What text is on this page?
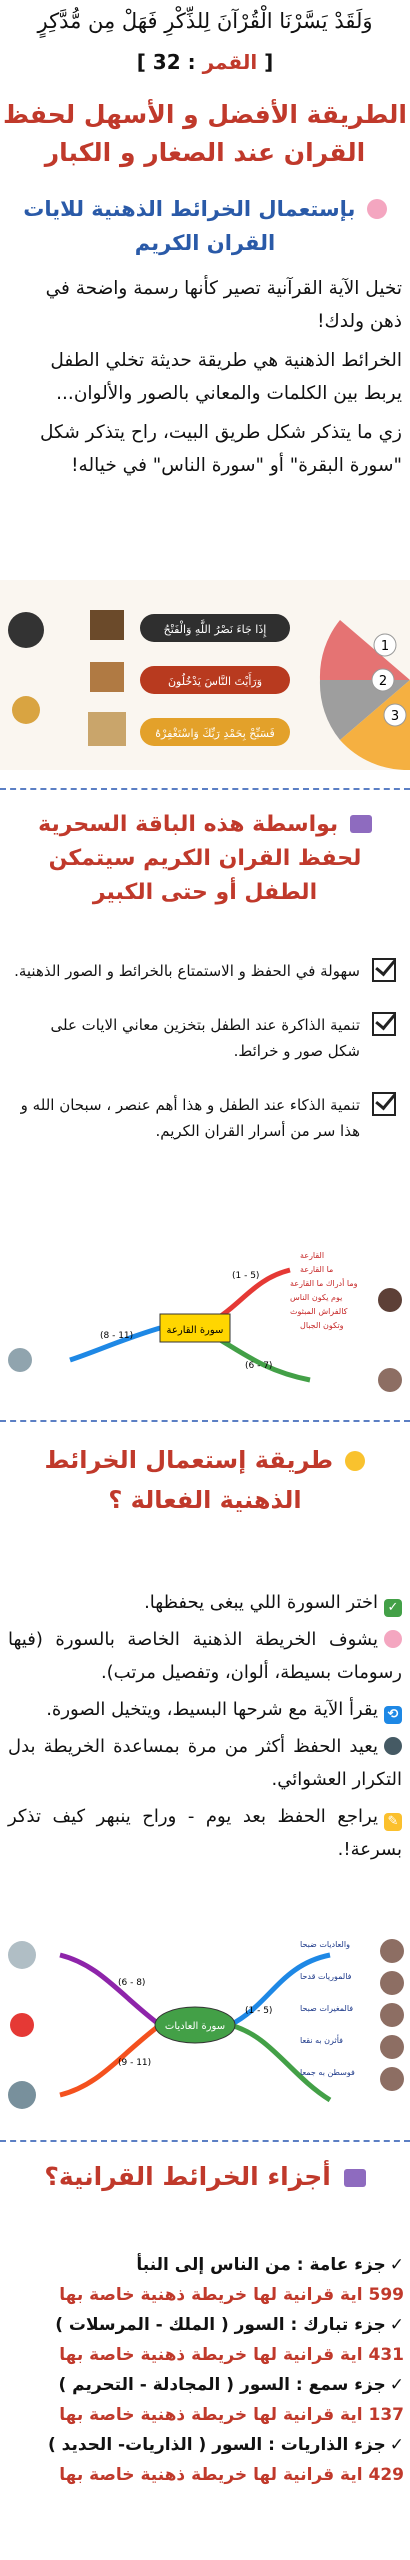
وَلَقَدْ يَسَّرْنَا الْقُرْآنَ لِلذِّكْرِ فَهَلْ مِن مُّدَّكِرٍ
[ القمر : 32 ]
الطريقة الأفضل و الأسهل لحفظ القران عند الصغار و الكبار
بإستعمال الخرائط الذهنية للايات القران الكريم

تخيل الآية القرآنية تصير كأنها رسمة واضحة في ذهن ولدك!

الخرائط الذهنية هي طريقة حديثة تخلي الطفل يربط بين الكلمات والمعاني بالصور والألوان...

زي ما يتذكر شكل طريق البيت، راح يتذكر شكل "سورة البقرة" أو "سورة الناس" في خياله!

إِذَا جَاءَ نَصْرُ اللَّهِ وَالْفَتْحُ
وَرَأَيْتَ النَّاسَ يَدْخُلُونَ
فَسَبِّحْ بِحَمْدِ رَبِّكَ وَاسْتَغْفِرْهُ
1
2
3
بواسطة هذه الباقة السحرية لحفظ القران الكريم سيتمكن الطفل أو حتى الكبير
سهولة في الحفظ و الاستمتاع بالخرائط و الصور الذهنية.
تنمية الذاكرة عند الطفل بتخزين معاني الايات على شكل صور و خرائط.
تنمية الذكاء عند الطفل و هذا أهم عنصر ، سبحان الله و هذا سر من أسرار القران الكريم.
سورة القارعة
(1 - 5)
(6 - 7)
(8 - 11)
القارعة
ما القارعة
وما أدراك ما القارعة
يوم يكون الناس
كالفراش المبثوث
وتكون الجبال
طريقة إستعمال الخرائط الذهنية الفعالة ؟

✓اختر السورة اللي يبغى يحفظها.

يشوف الخريطة الذهنية الخاصة بالسورة (فيها رسومات بسيطة، ألوان، وتفصيل مرتب).

⟲يقرأ الآية مع شرحها البسيط، ويتخيل الصورة.

يعيد الحفظ أكثر من مرة بمساعدة الخريطة بدل التكرار العشوائي.

✎يراجع الحفظ بعد يوم - وراح ينبهر كيف تذكر بسرعة!.

سورة العاديات
(1 - 5)
(6 - 8)
(9 - 11)
والعاديات ضبحا
فالموريات قدحا
فالمغيرات صبحا
فأثرن به نقعا
فوسطن به جمعا
أجزاء الخرائط القرانية؟
✓جزء عامة : من الناس إلى النبأ
599 اية قرانية لها خريطة ذهنية خاصة بها
✓جزء تبارك : السور ( الملك - المرسلات )
431 اية قرانية لها خريطة ذهنية خاصة بها
✓جزء سمع : السور ( المجادلة - التحريم )
137 اية قرانية لها خريطة ذهنية خاصة بها
✓جزء الذاريات : السور ( الذاريات- الحديد )
429 اية قرانية لها خريطة ذهنية خاصة بها
